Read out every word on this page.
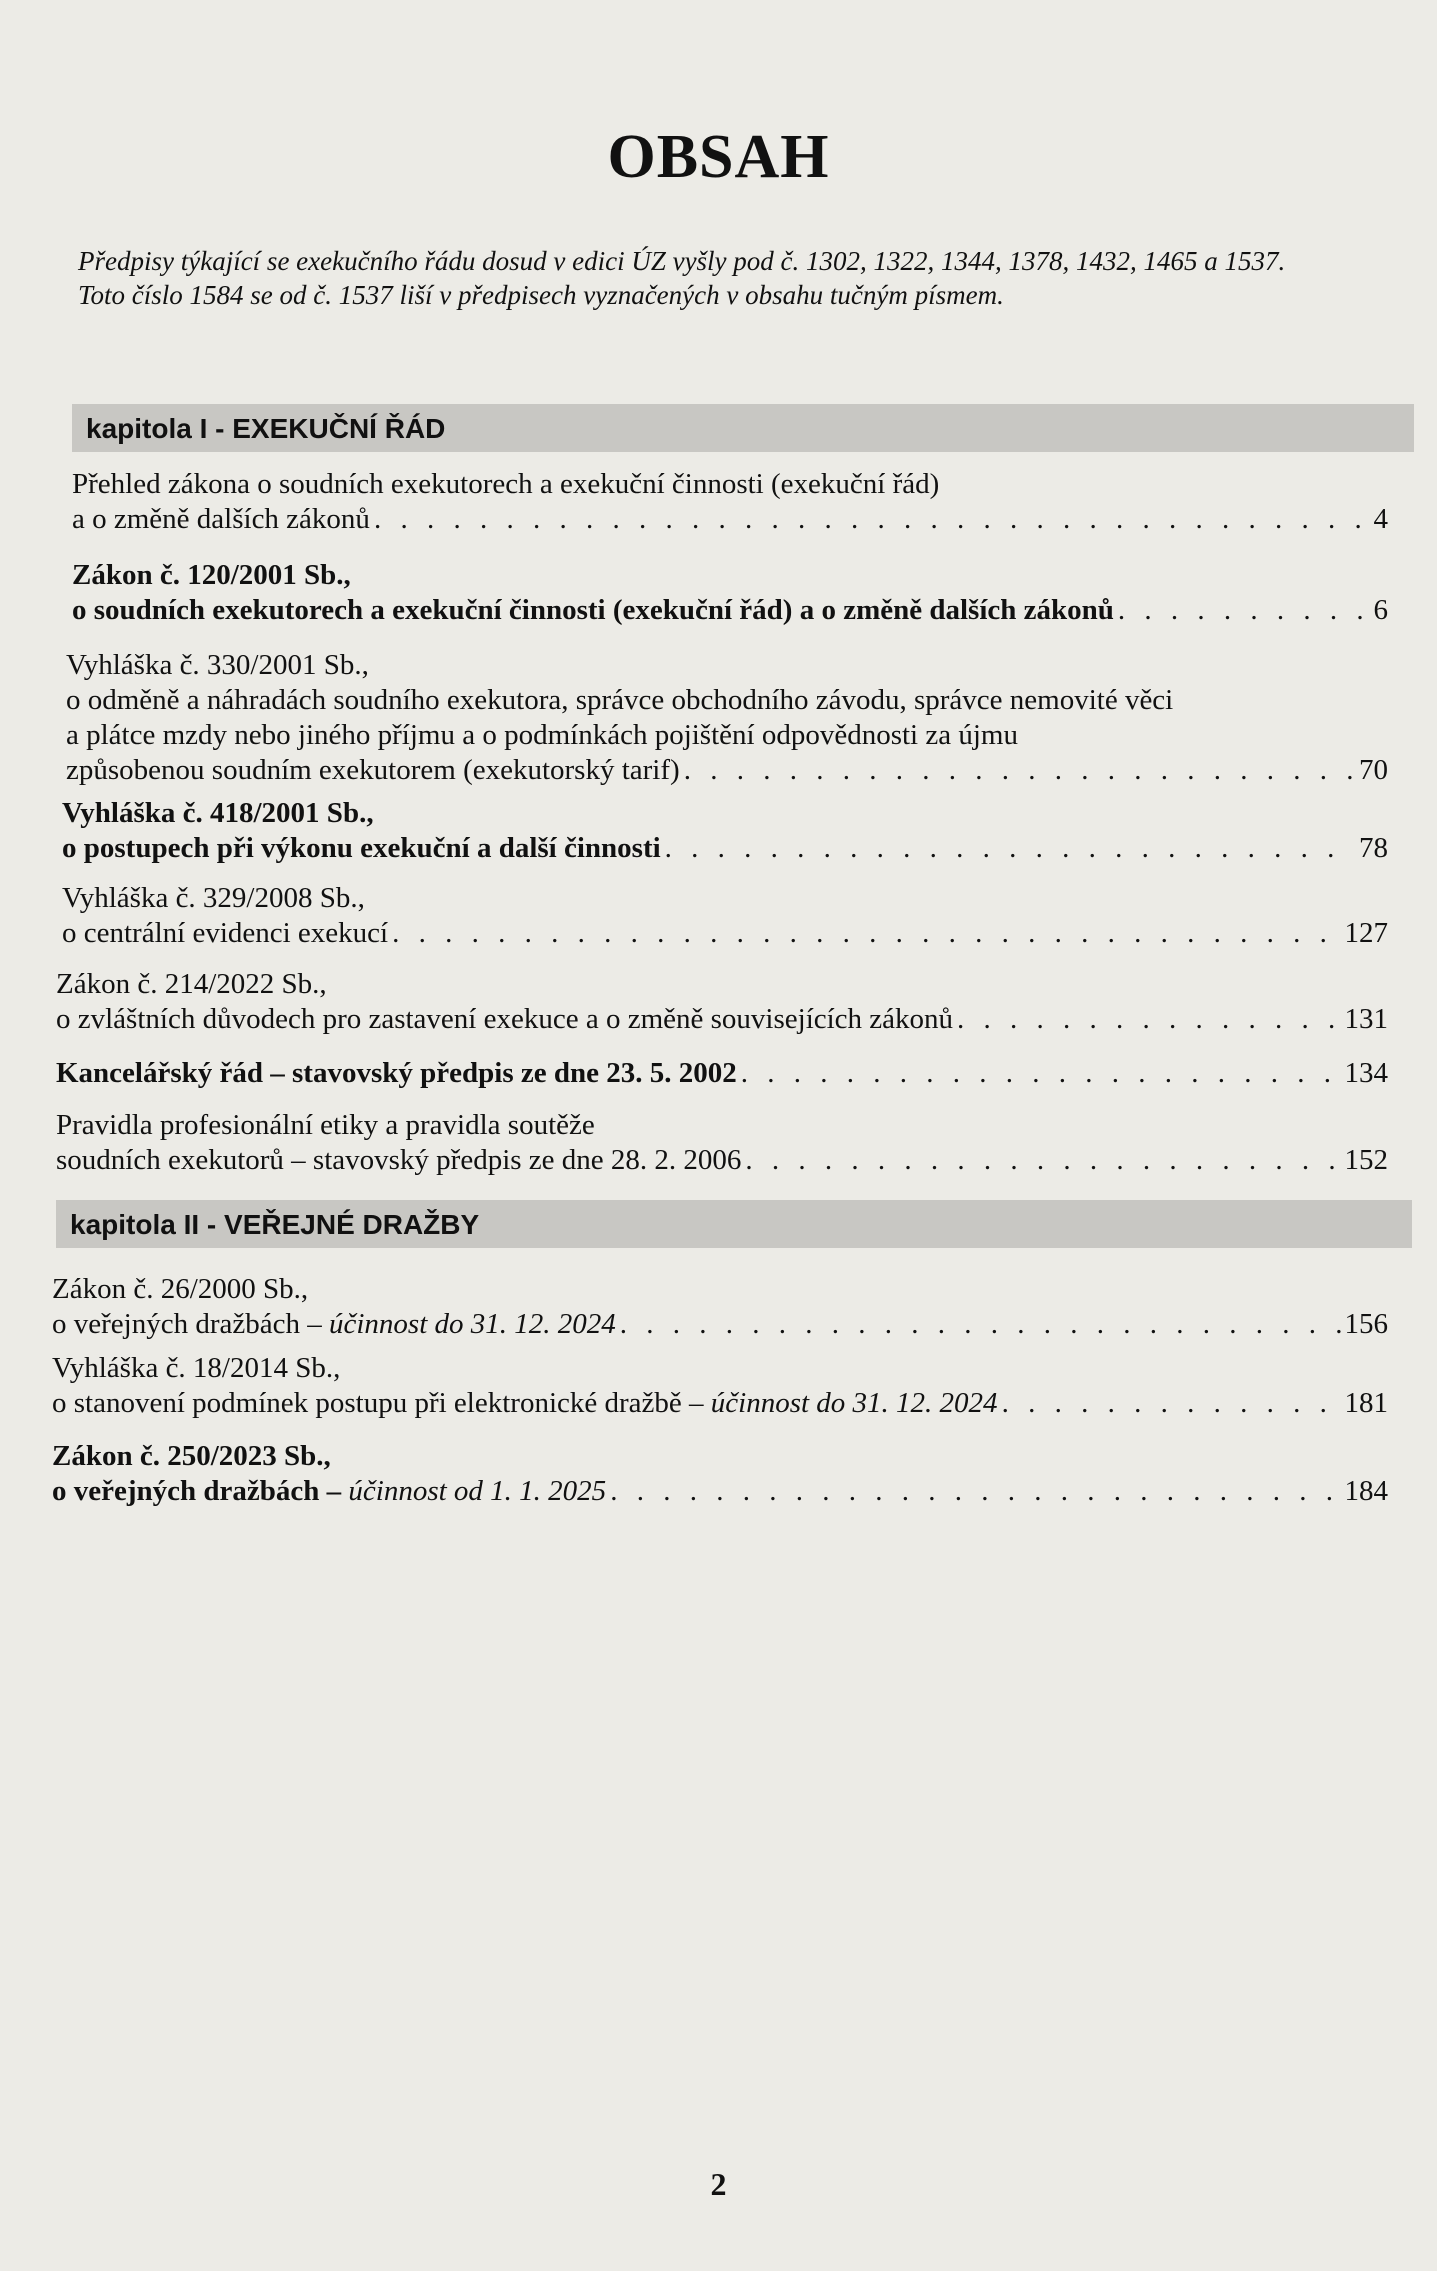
OBSAH
Předpisy týkající se exekučního řádu dosud v edici ÚZ vyšly pod č. 1302, 1322, 1344, 1378, 1432, 1465 a 1537.
Toto číslo 1584 se od č. 1537 liší v předpisech vyznačených v obsahu tučným písmem.
kapitola I - EXEKUČNÍ ŘÁD
Přehled zákona o soudních exekutorech a exekuční činnosti (exekuční řád)
a o změně dalších zákonů . . .	4
Zákon č. 120/2001 Sb.,
o soudních exekutorech a exekuční činnosti (exekuční řád) a o změně dalších zákonů . . .	6
Vyhláška č. 330/2001 Sb.,
o odměně a náhradách soudního exekutora, správce obchodního závodu, správce nemovité věci
a plátce mzdy nebo jiného příjmu a o podmínkách pojištění odpovědnosti za újmu
způsobenou soudním exekutorem (exekutorský tarif) . . .	70
Vyhláška č. 418/2001 Sb.,
o postupech při výkonu exekuční a další činnosti . . .	78
Vyhláška č. 329/2008 Sb.,
o centrální evidenci exekucí . . .	127
Zákon č. 214/2022 Sb.,
o zvláštních důvodech pro zastavení exekuce a o změně souvisejících zákonů . . .	131
Kancelářský řád – stavovský předpis ze dne 23. 5. 2002 . . .	134
Pravidla profesionální etiky a pravidla soutěže
soudních exekutorů – stavovský předpis ze dne 28. 2. 2006 . . .	152
kapitola II - VEŘEJNÉ DRAŽBY
Zákon č. 26/2000 Sb.,
o veřejných dražbách – účinnost do 31. 12. 2024 . . .	156
Vyhláška č. 18/2014 Sb.,
o stanovení podmínek postupu při elektronické dražbě – účinnost do 31. 12. 2024 . . .	181
Zákon č. 250/2023 Sb.,
o veřejných dražbách – účinnost od 1. 1. 2025 . . .	184
2
